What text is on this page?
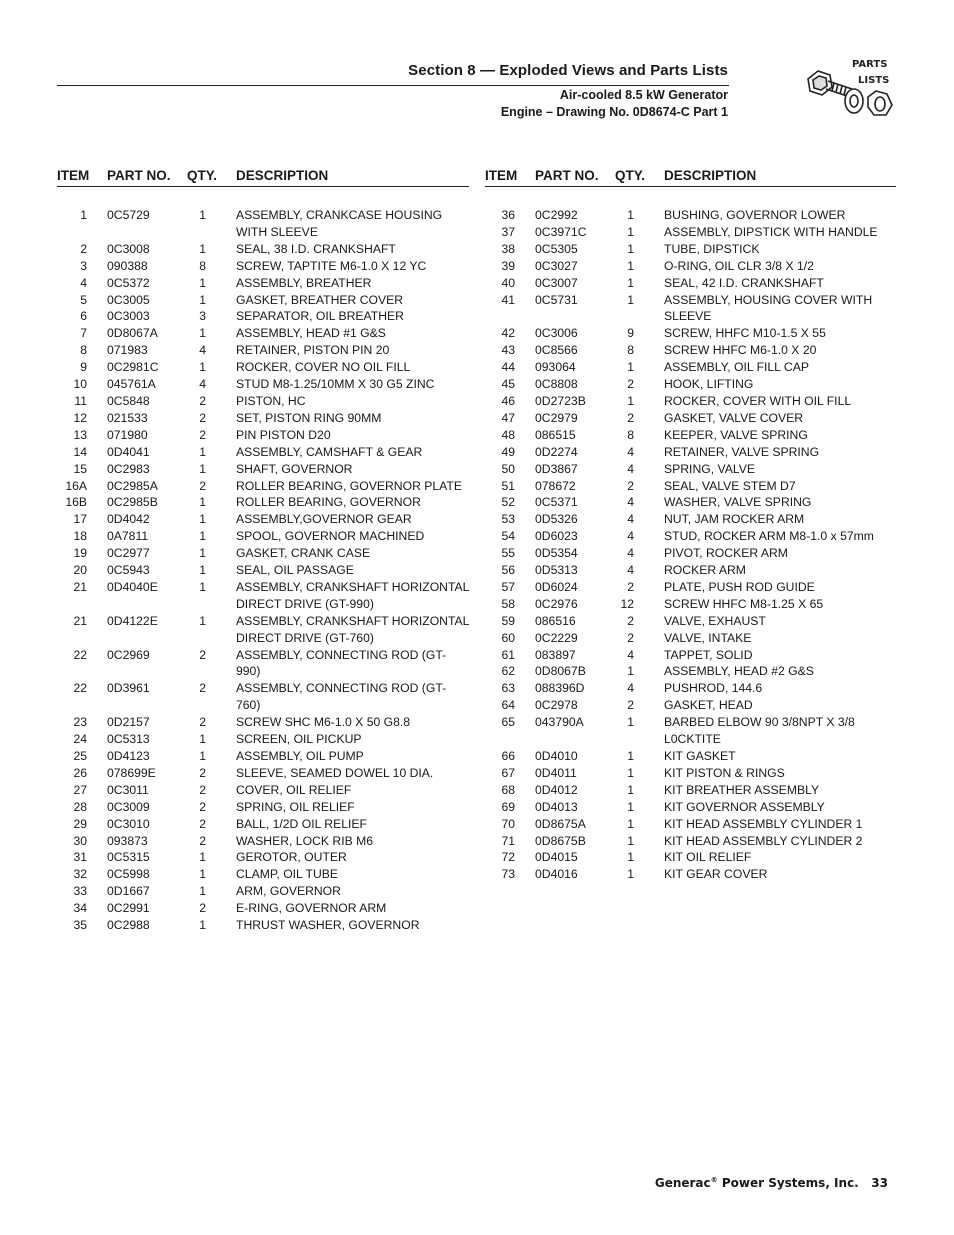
Section 8 — Exploded Views and Parts Lists
Air-cooled 8.5 kW Generator
Engine – Drawing No. 0D8674-C Part 1
PARTS
LISTS
ITEM PART NO. QTY. DESCRIPTION
1 0C5729	1 ASSEMBLY, CRANKCASE HOUSING WITH SLEEVE
2 0C3008	1 SEAL, 38 I.D. CRANKSHAFT
3 090388	8 SCREW, TAPTITE M6-1.0 X 12 YC
4 0C5372	1 ASSEMBLY, BREATHER
5 0C3005	1 GASKET, BREATHER COVER
6 0C3003	3 SEPARATOR, OIL BREATHER
7 0D8067A	1 ASSEMBLY, HEAD #1 G&S
8 071983	4 RETAINER, PISTON PIN 20
9 0C2981C	1 ROCKER, COVER NO OIL FILL
10 045761A	4 STUD M8-1.25/10MM X 30 G5 ZINC
11 0C5848	2 PISTON, HC
12 021533	2 SET, PISTON RING 90MM
13 071980	2 PIN PISTON D20
14 0D4041	1 ASSEMBLY, CAMSHAFT & GEAR
15 0C2983	1 SHAFT, GOVERNOR
16A 0C2985A	2 ROLLER BEARING, GOVERNOR PLATE
16B 0C2985B	1 ROLLER BEARING, GOVERNOR
17 0D4042	1 ASSEMBLY,GOVERNOR GEAR
18 0A7811	1 SPOOL, GOVERNOR MACHINED
19 0C2977	1 GASKET, CRANK CASE
20 0C5943	1 SEAL, OIL PASSAGE
21 0D4040E	1 ASSEMBLY, CRANKSHAFT HORIZONTAL DIRECT DRIVE (GT-990)
21 0D4122E	1 ASSEMBLY, CRANKSHAFT HORIZONTAL DIRECT DRIVE (GT-760)
22 0C2969	2 ASSEMBLY, CONNECTING ROD (GT-990)
22 0D3961	2 ASSEMBLY, CONNECTING ROD (GT-760)
23 0D2157	2 SCREW SHC M6-1.0 X 50 G8.8
24 0C5313	1 SCREEN, OIL PICKUP
25 0D4123	1 ASSEMBLY, OIL PUMP
26 078699E	2 SLEEVE, SEAMED DOWEL 10 DIA.
27 0C3011	2 COVER, OIL RELIEF
28 0C3009	2 SPRING, OIL RELIEF
29 0C3010	2 BALL, 1/2D OIL RELIEF
30 093873	2 WASHER, LOCK RIB M6
31 0C5315	1 GEROTOR, OUTER
32 0C5998	1 CLAMP, OIL TUBE
33 0D1667	1 ARM, GOVERNOR
34 0C2991	2 E-RING, GOVERNOR ARM
35 0C2988	1 THRUST WASHER, GOVERNOR
ITEM PART NO. QTY. DESCRIPTION
36 0C2992	1 BUSHING, GOVERNOR LOWER
37 0C3971C	1 ASSEMBLY, DIPSTICK WITH HANDLE
38 0C5305	1 TUBE, DIPSTICK
39 0C3027	1 O-RING, OIL CLR 3/8 X 1/2
40 0C3007	1 SEAL, 42 I.D. CRANKSHAFT
41 0C5731	1 ASSEMBLY, HOUSING COVER WITH SLEEVE
42 0C3006	9 SCREW, HHFC M10-1.5 X 55
43 0C8566	8 SCREW HHFC M6-1.0 X 20
44 093064	1 ASSEMBLY, OIL FILL CAP
45 0C8808	2 HOOK, LIFTING
46 0D2723B	1 ROCKER, COVER WITH OIL FILL
47 0C2979	2 GASKET, VALVE COVER
48 086515	8 KEEPER, VALVE SPRING
49 0D2274	4 RETAINER, VALVE SPRING
50 0D3867	4 SPRING, VALVE
51 078672	2 SEAL, VALVE STEM D7
52 0C5371	4 WASHER, VALVE SPRING
53 0D5326	4 NUT, JAM ROCKER ARM
54 0D6023	4 STUD, ROCKER ARM M8-1.0 x 57mm
55 0D5354	4 PIVOT, ROCKER ARM
56 0D5313	4 ROCKER ARM
57 0D6024	2 PLATE, PUSH ROD GUIDE
58 0C2976	12 SCREW HHFC M8-1.25 X 65
59 086516	2 VALVE, EXHAUST
60 0C2229	2 VALVE, INTAKE
61 083897	4 TAPPET, SOLID
62 0D8067B	1 ASSEMBLY, HEAD #2 G&S
63 088396D	4 PUSHROD, 144.6
64 0C2978	2 GASKET, HEAD
65 043790A	1 BARBED ELBOW 90 3/8NPT X 3/8 L0CKTITE
66 0D4010	1 KIT GASKET
67 0D4011	1 KIT PISTON & RINGS
68 0D4012	1 KIT BREATHER ASSEMBLY
69 0D4013	1 KIT GOVERNOR ASSEMBLY
70 0D8675A	1 KIT HEAD ASSEMBLY CYLINDER 1
71 0D8675B	1 KIT HEAD ASSEMBLY CYLINDER 2
72 0D4015	1 KIT OIL RELIEF
73 0D4016	1 KIT GEAR COVER
Generac® Power Systems, Inc. 33
